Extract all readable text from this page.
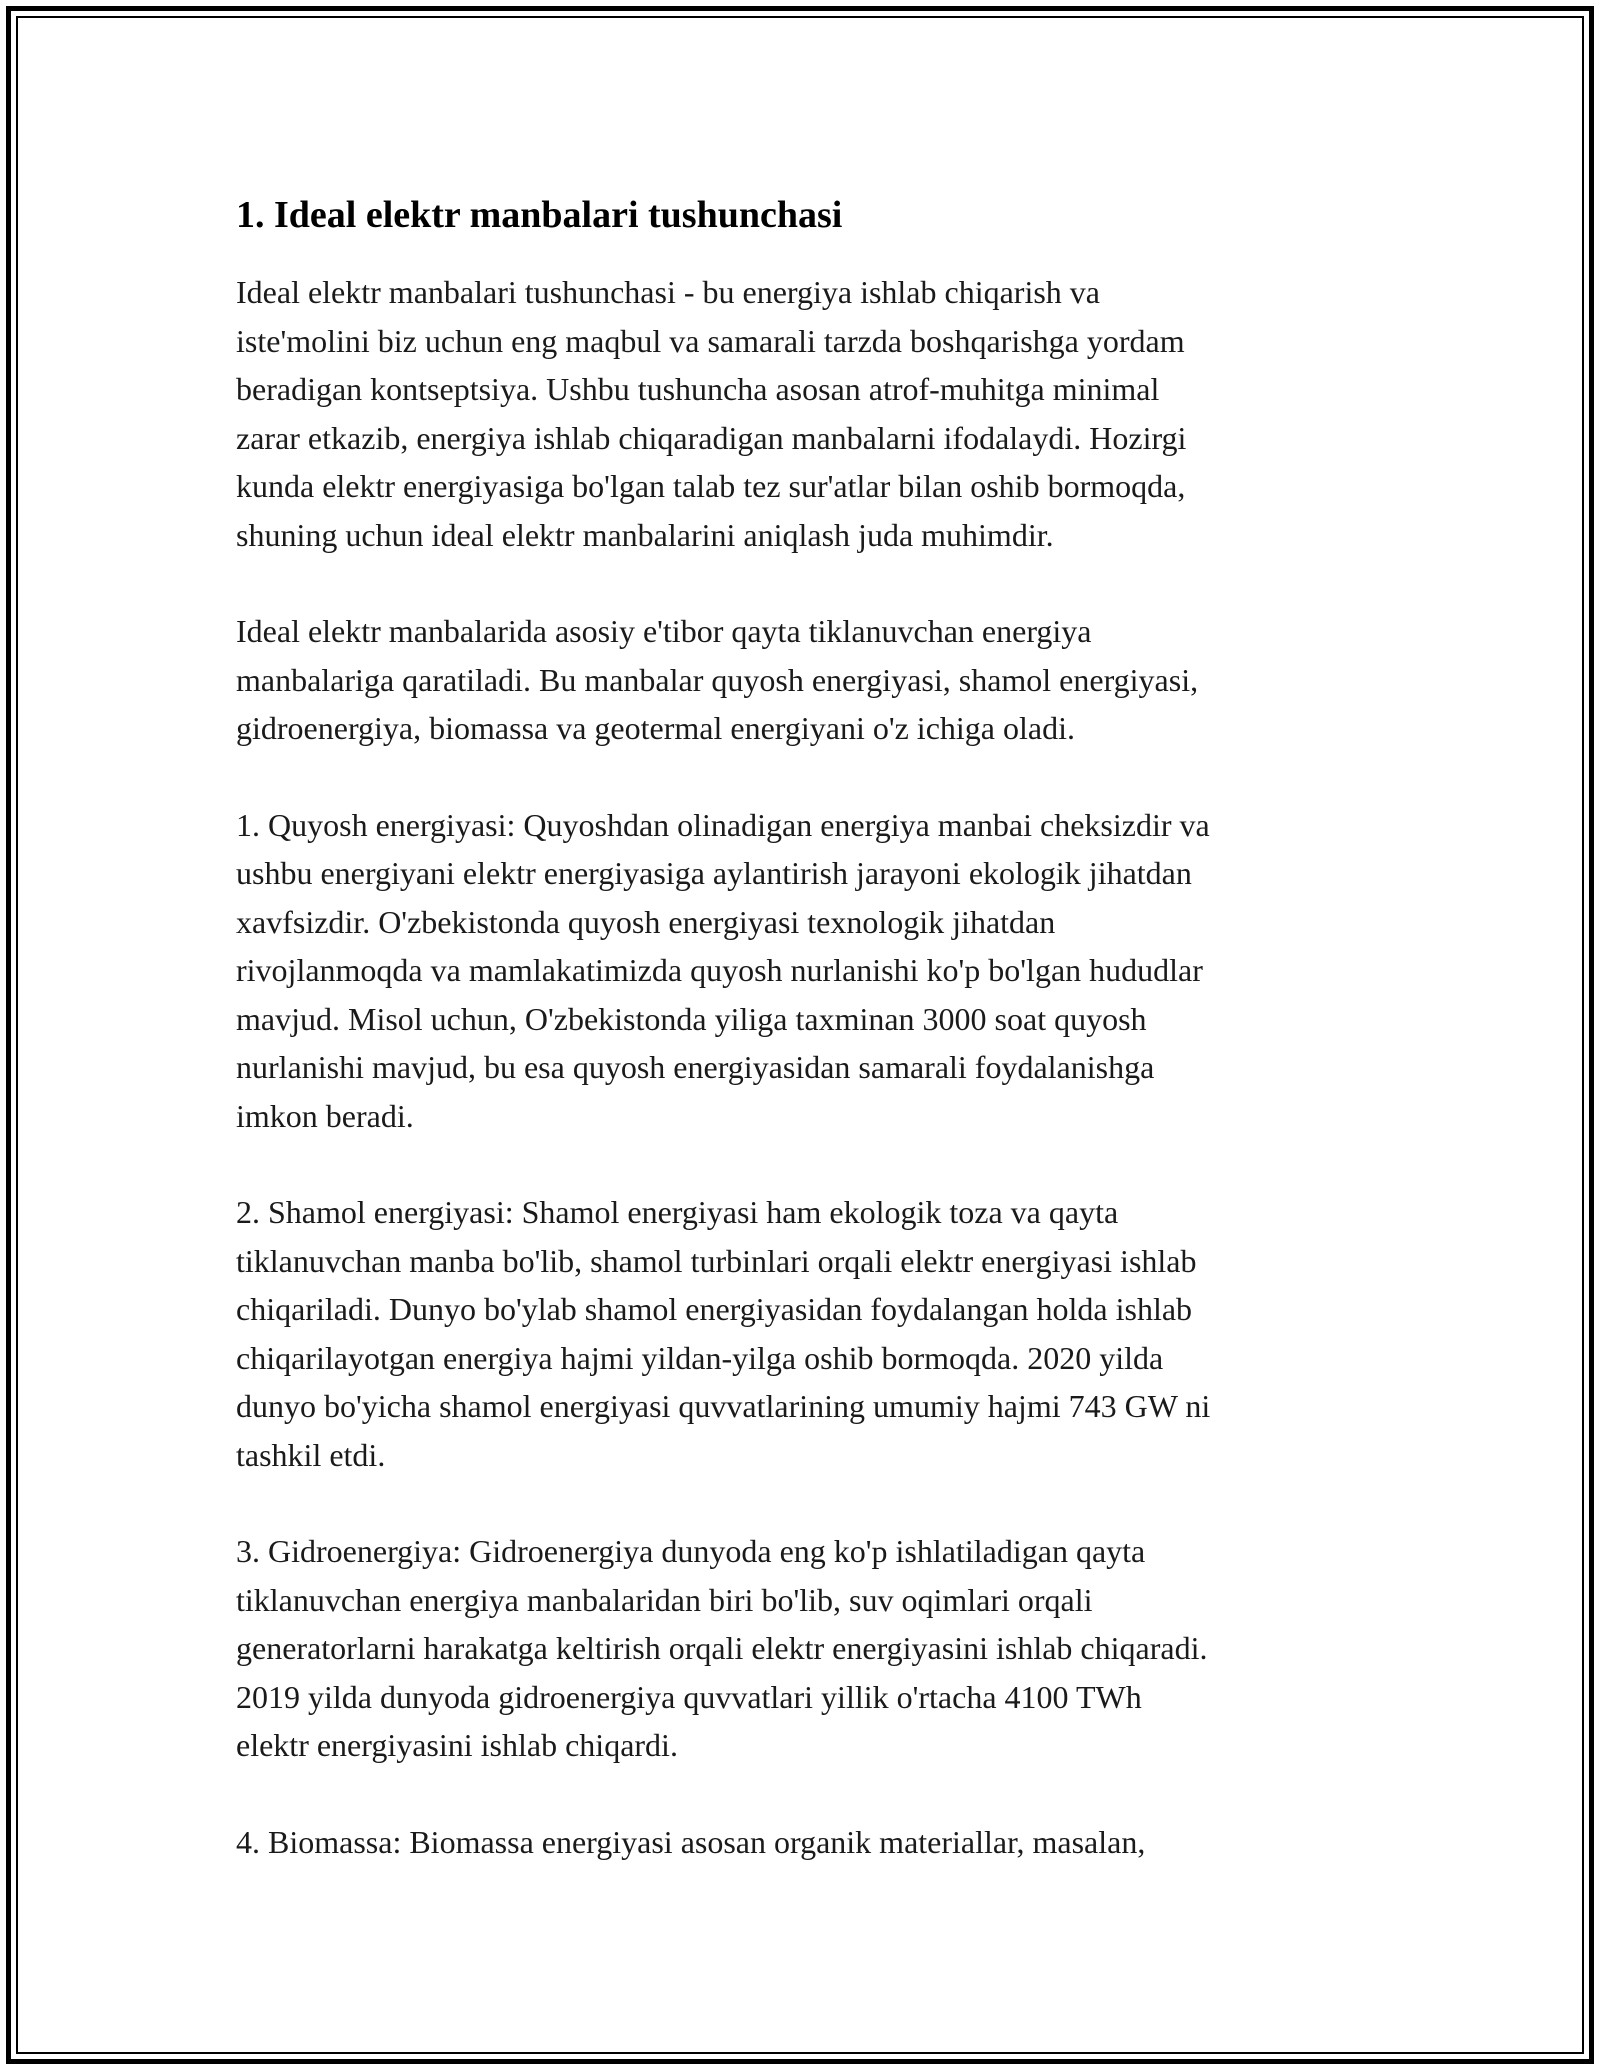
1. Ideal elektr manbalari tushunchasi

Ideal elektr manbalari tushunchasi - bu energiya ishlab chiqarish va
iste'molini biz uchun eng maqbul va samarali tarzda boshqarishga yordam
beradigan kontseptsiya. Ushbu tushuncha asosan atrof-muhitga minimal
zarar etkazib, energiya ishlab chiqaradigan manbalarni ifodalaydi. Hozirgi
kunda elektr energiyasiga bo'lgan talab tez sur'atlar bilan oshib bormoqda,
shuning uchun ideal elektr manbalarini aniqlash juda muhimdir.

Ideal elektr manbalarida asosiy e'tibor qayta tiklanuvchan energiya
manbalariga qaratiladi. Bu manbalar quyosh energiyasi, shamol energiyasi,
gidroenergiya, biomassa va geotermal energiyani o'z ichiga oladi.

1. Quyosh energiyasi: Quyoshdan olinadigan energiya manbai cheksizdir va
ushbu energiyani elektr energiyasiga aylantirish jarayoni ekologik jihatdan
xavfsizdir. O'zbekistonda quyosh energiyasi texnologik jihatdan
rivojlanmoqda va mamlakatimizda quyosh nurlanishi ko'p bo'lgan hududlar
mavjud. Misol uchun, O'zbekistonda yiliga taxminan 3000 soat quyosh
nurlanishi mavjud, bu esa quyosh energiyasidan samarali foydalanishga
imkon beradi.

2. Shamol energiyasi: Shamol energiyasi ham ekologik toza va qayta
tiklanuvchan manba bo'lib, shamol turbinlari orqali elektr energiyasi ishlab
chiqariladi. Dunyo bo'ylab shamol energiyasidan foydalangan holda ishlab
chiqarilayotgan energiya hajmi yildan-yilga oshib bormoqda. 2020 yilda
dunyo bo'yicha shamol energiyasi quvvatlarining umumiy hajmi 743 GW ni
tashkil etdi.

3. Gidroenergiya: Gidroenergiya dunyoda eng ko'p ishlatiladigan qayta
tiklanuvchan energiya manbalaridan biri bo'lib, suv oqimlari orqali
generatorlarni harakatga keltirish orqali elektr energiyasini ishlab chiqaradi.
2019 yilda dunyoda gidroenergiya quvvatlari yillik o'rtacha 4100 TWh
elektr energiyasini ishlab chiqardi.

4. Biomassa: Biomassa energiyasi asosan organik materiallar, masalan,
